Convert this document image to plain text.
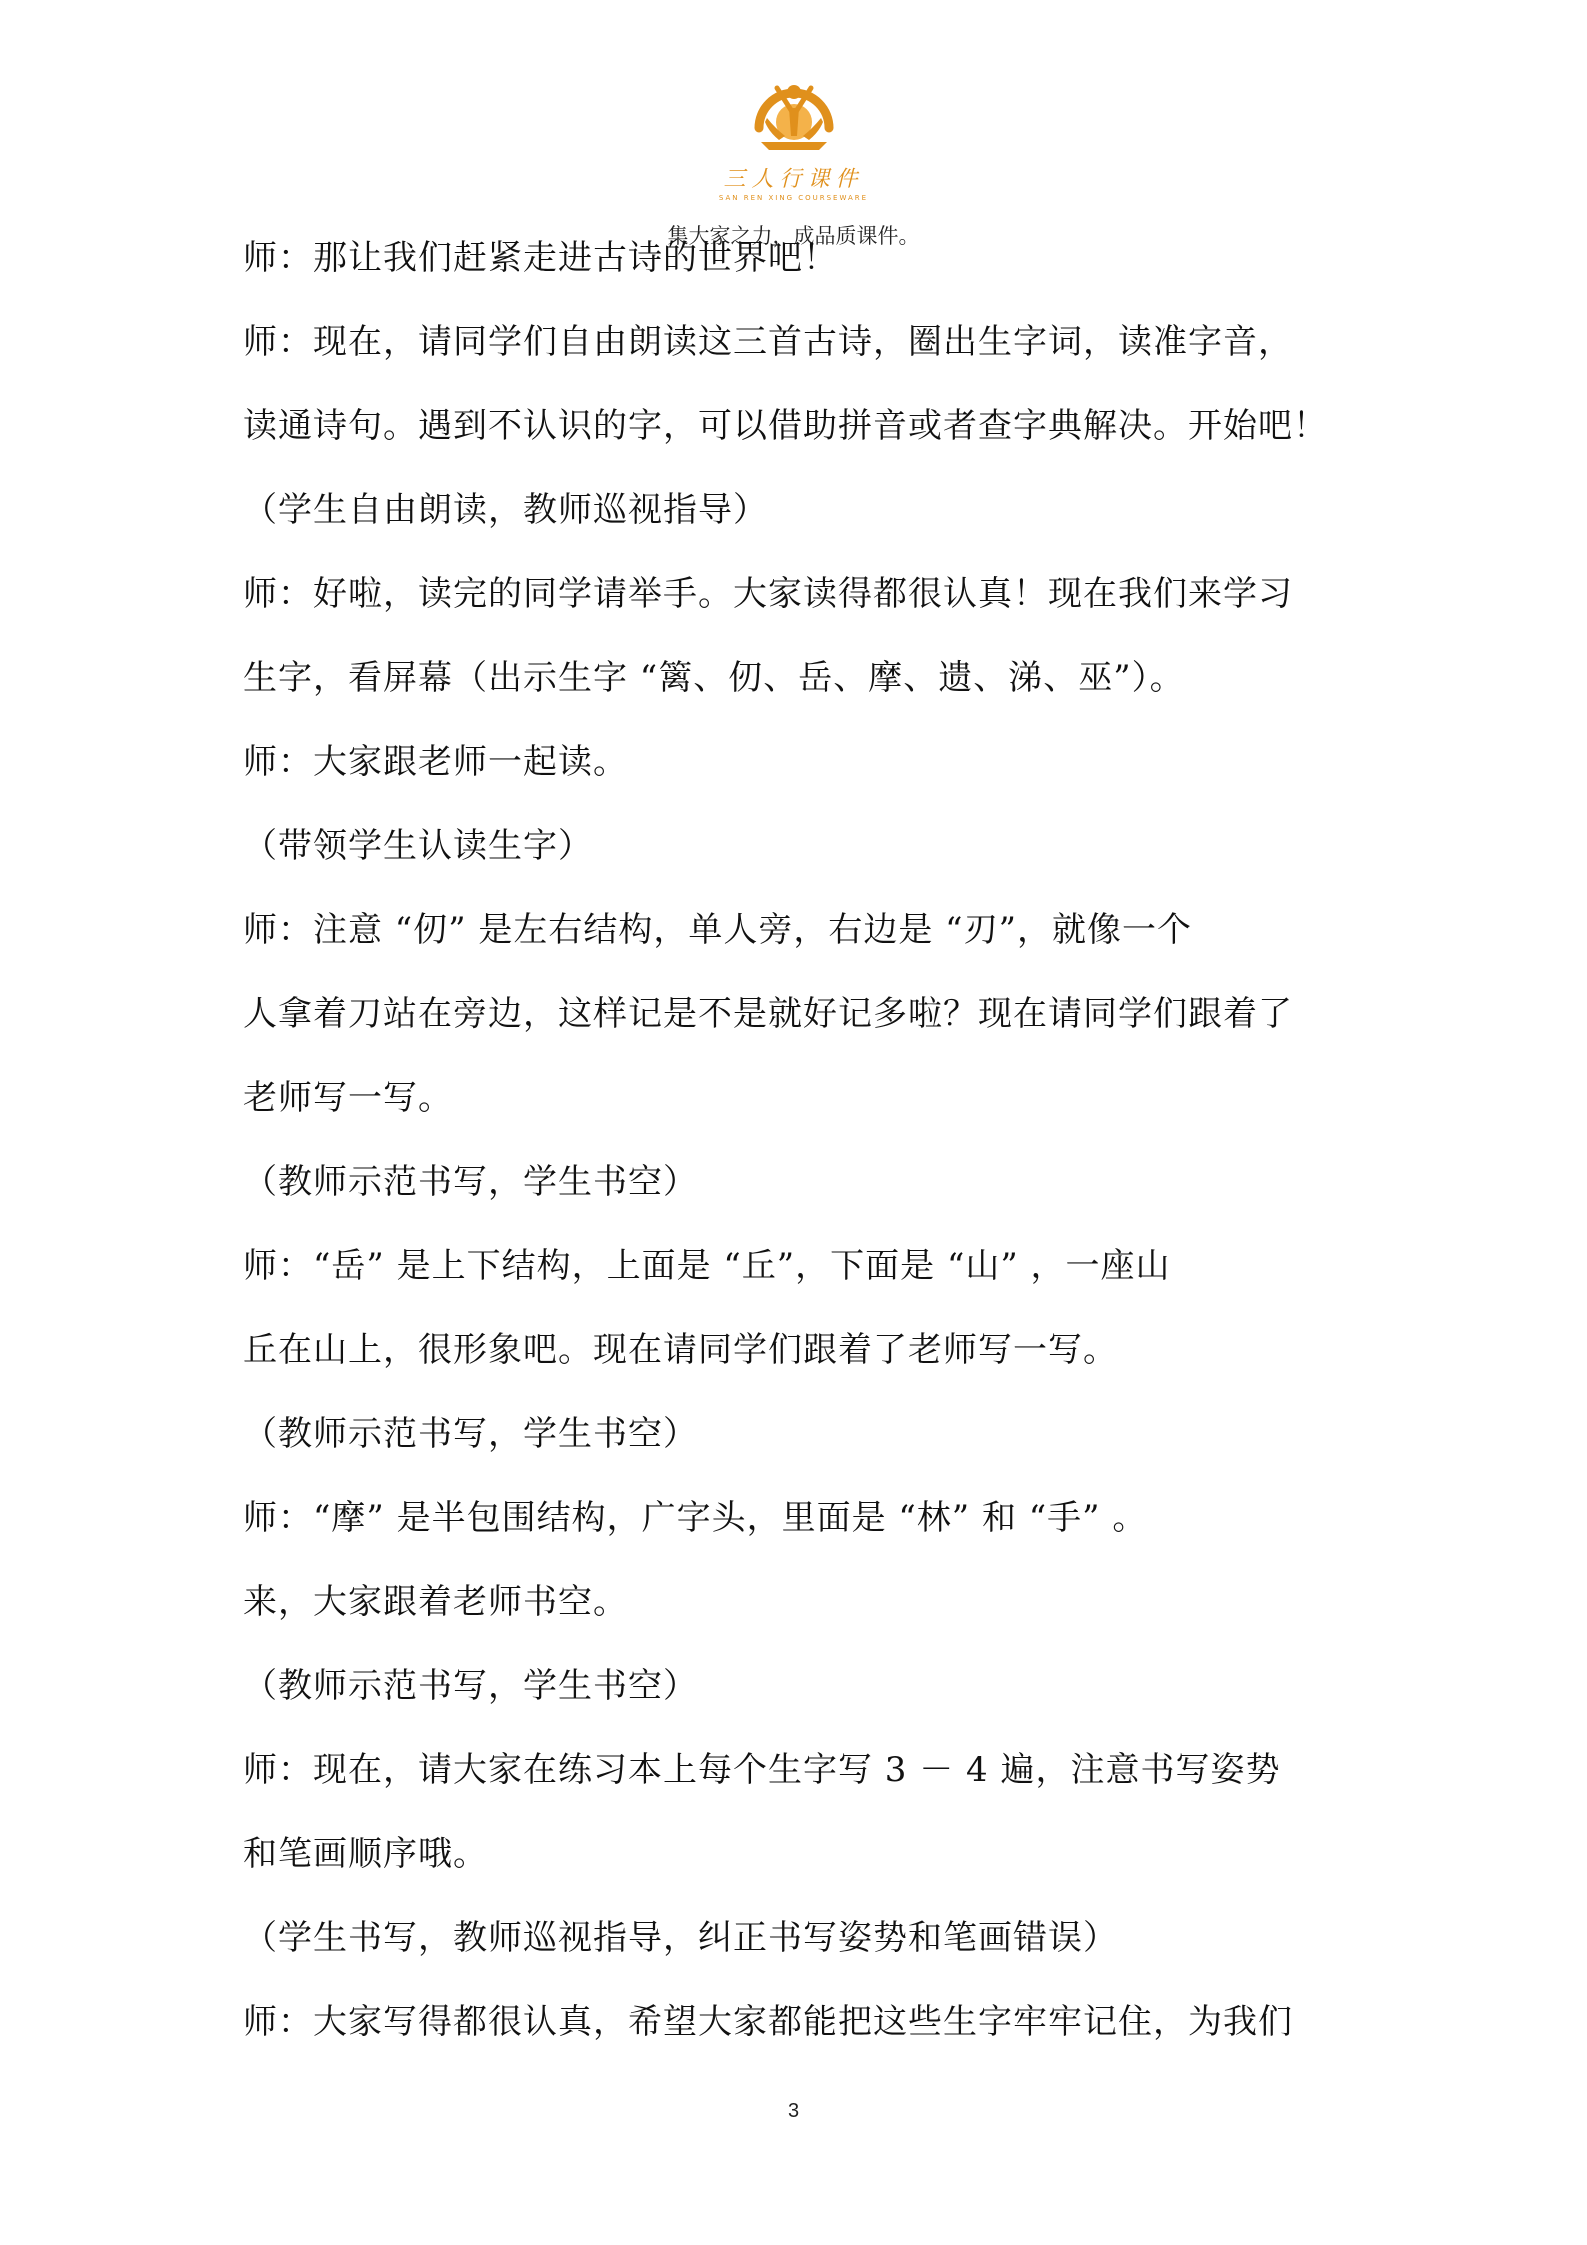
三人行课件
SAN REN XING COURSEWARE
集大家之力，成品质课件。
师：那让我们赶紧走进古诗的世界吧！
师：现在，请同学们自由朗读这三首古诗，圈出生字词，读准字音，
读通诗句。遇到不认识的字，可以借助拼音或者查字典解决。开始吧！
（学生自由朗读，教师巡视指导）
师：好啦，读完的同学请举手。大家读得都很认真！现在我们来学习
生字，看屏幕（出示生字 “篱、仞、岳、摩、遗、涕、巫”）。
师：大家跟老师一起读。
（带领学生认读生字）
师：注意 “仞” 是左右结构，单人旁，右边是 “刃”，就像一个
人拿着刀站在旁边，这样记是不是就好记多啦？现在请同学们跟着了
老师写一写。
（教师示范书写，学生书空）
师：“岳” 是上下结构，上面是 “丘”，下面是 “山” ，一座山
丘在山上，很形象吧。现在请同学们跟着了老师写一写。
（教师示范书写，学生书空）
师：“摩” 是半包围结构，广字头，里面是 “林” 和 “手” 。
来，大家跟着老师书空。
（教师示范书写，学生书空）
师：现在，请大家在练习本上每个生字写 3 － 4 遍，注意书写姿势
和笔画顺序哦。
（学生书写，教师巡视指导，纠正书写姿势和笔画错误）
师：大家写得都很认真，希望大家都能把这些生字牢牢记住，为我们
3
